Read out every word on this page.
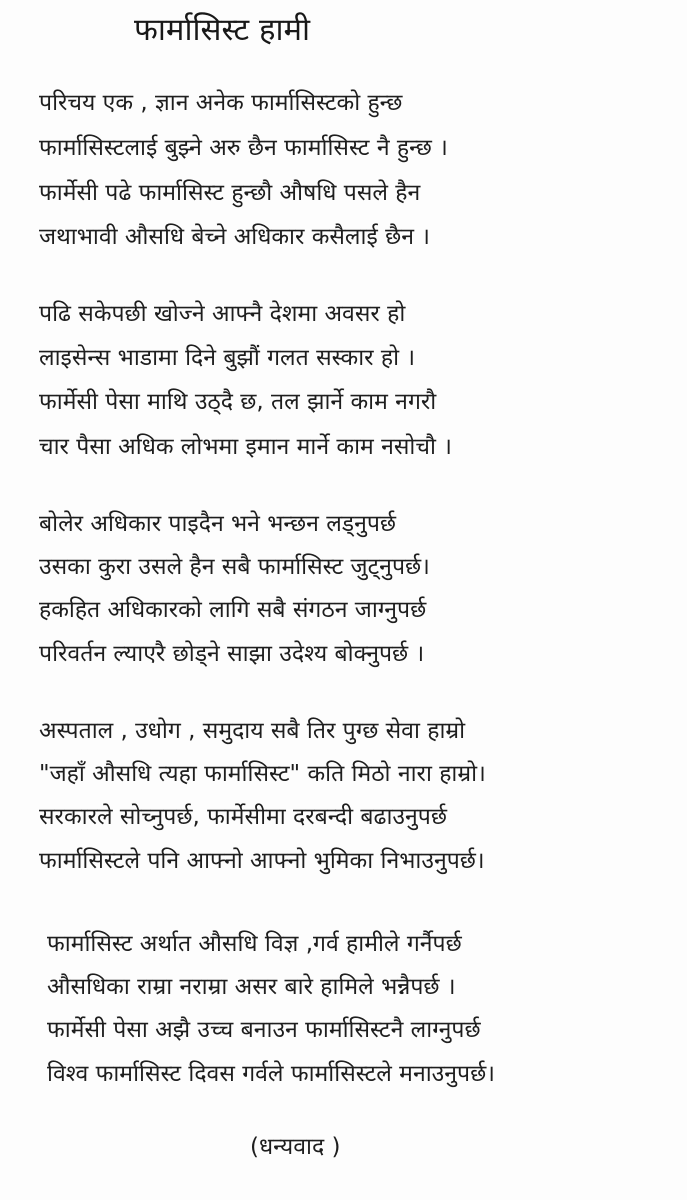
फार्मासिस्ट हामी
परिचय एक , ज्ञान अनेक फार्मासिस्टको हुन्छ
फार्मासिस्टलाई बुझ्ने अरु छैन फार्मासिस्ट नै हुन्छ ।
फार्मेसी पढे फार्मासिस्ट हुन्छौ औषधि पसले हैन
जथाभावी औसधि बेच्ने अधिकार कसैलाई छैन ।
पढि सकेपछी खोज्ने आफ्नै देशमा अवसर हो
लाइसेन्स भाडामा दिने बुझौं गलत सस्कार हो ।
फार्मेसी पेसा माथि उठ्दै छ, तल झार्ने काम नगरौ
चार पैसा अधिक लोभमा इमान मार्ने काम नसोचौ ।
बोलेर अधिकार पाइदैन भने भन्छन लड्नुपर्छ
उसका कुरा उसले हैन सबै फार्मासिस्ट जुट्नुपर्छ।
हकहित अधिकारको लागि सबै संगठन जाग्नुपर्छ
परिवर्तन ल्याएरै छोड्ने साझा उदेश्य बोक्नुपर्छ ।
अस्पताल , उधोग , समुदाय सबै तिर पुग्छ सेवा हाम्रो
"जहाँ औसधि त्यहा फार्मासिस्ट" कति मिठो नारा हाम्रो।
सरकारले सोच्नुपर्छ, फार्मेसीमा दरबन्दी बढाउनुपर्छ
फार्मासिस्टले पनि आफ्नो आफ्नो भुमिका निभाउनुपर्छ।
फार्मासिस्ट अर्थात औसधि विज्ञ ,गर्व हामीले गर्नैपर्छ
औसधिका राम्रा नराम्रा असर बारे हामिले भन्नैपर्छ ।
फार्मेसी पेसा अझै उच्च बनाउन फार्मासिस्टनै लाग्नुपर्छ
विश्व फार्मासिस्ट दिवस गर्वले फार्मासिस्टले मनाउनुपर्छ।
(धन्यवाद )
